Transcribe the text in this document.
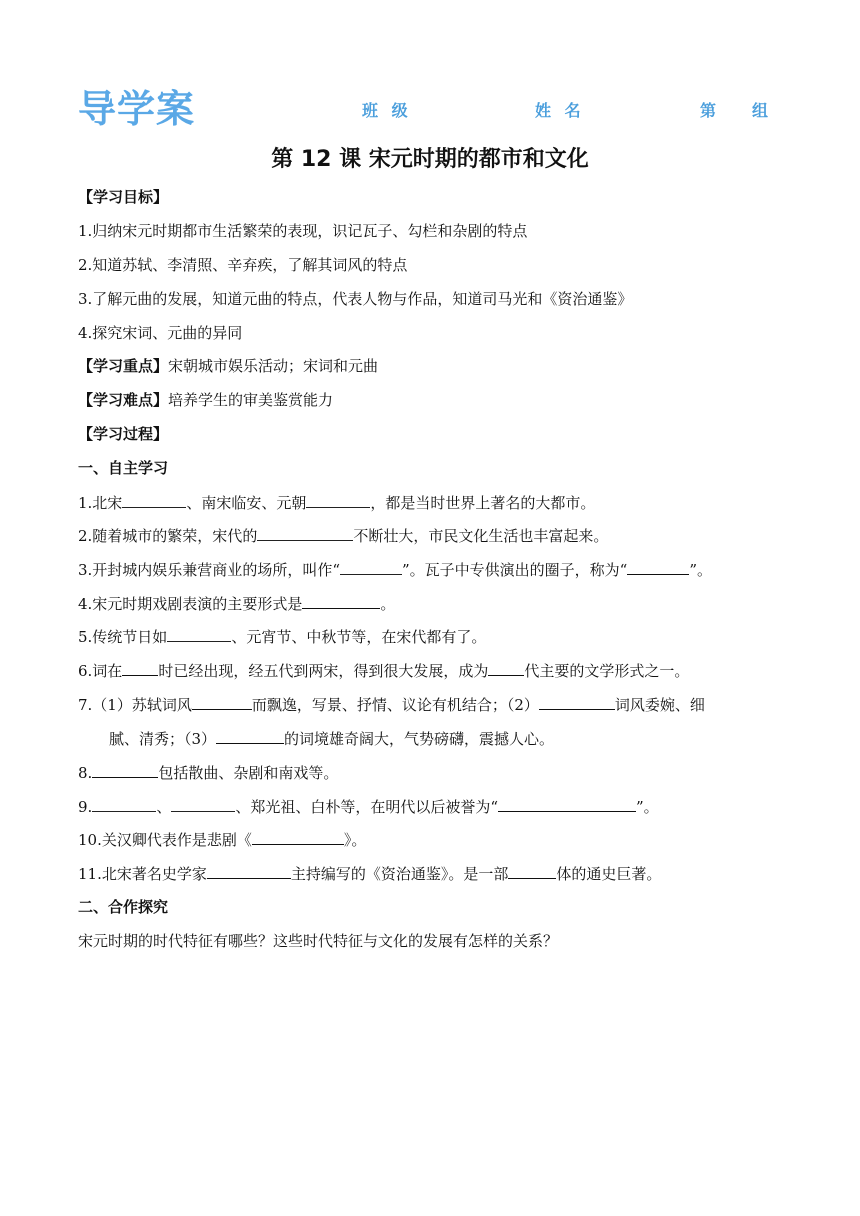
导学案	班 级	姓 名	第 组
第 12 课 宋元时期的都市和文化
【学习目标】
1.归纳宋元时期都市生活繁荣的表现，识记瓦子、勾栏和杂剧的特点
2.知道苏轼、李清照、辛弃疾，了解其词风的特点
3.了解元曲的发展，知道元曲的特点，代表人物与作品，知道司马光和《资治通鉴》
4.探究宋词、元曲的异同
【学习重点】宋朝城市娱乐活动；宋词和元曲
【学习难点】培养学生的审美鉴赏能力
【学习过程】
一、自主学习
1.北宋	、南宋临安、元朝	，都是当时世界上著名的大都市。
2.随着城市的繁荣，宋代的	不断壮大，市民文化生活也丰富起来。
3.开封城内娱乐兼营商业的场所，叫作“	”。瓦子中专供演出的圈子，称为“	”。
4.宋元时期戏剧表演的主要形式是	。
5.传统节日如	、元宵节、中秋节等，在宋代都有了。
6.词在 时已经出现，经五代到两宋，得到很大发展，成为 代主要的文学形式之一。
7.（1）苏轼词风	而飘逸，写景、抒情、议论有机结合；（2）	词风委婉、细
腻、清秀；（3）	的词境雄奇阔大，气势磅礴，震撼人心。
8.	包括散曲、杂剧和南戏等。
9.	、	、郑光祖、白朴等，在明代以后被誉为“	”。
10.关汉卿代表作是悲剧《	》。
11.北宋著名史学家	主持编写的《资治通鉴》。是一部	体的通史巨著。
二、合作探究
宋元时期的时代特征有哪些？这些时代特征与文化的发展有怎样的关系？
